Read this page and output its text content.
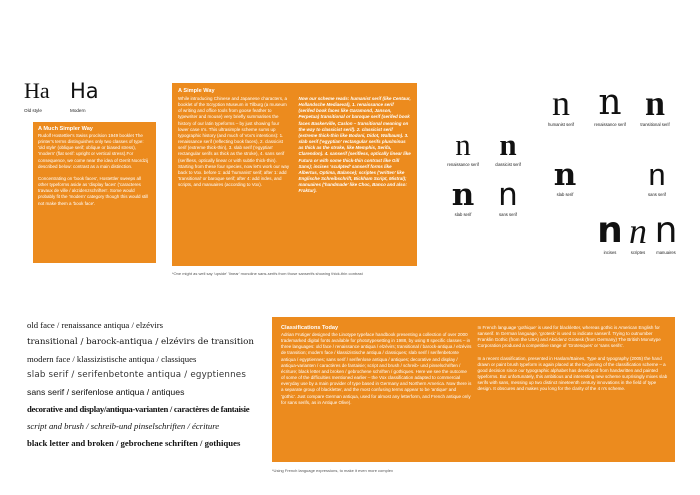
Ha Ha
Old style	Modern
A Much Simpler Way

Rudolf Hostettler's Swiss proclsion 1949 booklet The printer's terms distinguishes only two classes of type: 'old style' (oblique serif; oblique or biased stress), 'modern' (flat serif: upright or vertical stress).For consequence, we come near the idea of Gerrit Noordzij described below: contrast as a main distinction.

Concentrating on 'book faces', Hostettler sweeps all other typeforms aside as 'display faces' ('caracteres travaux de ville / akzidenzschriften'. Some would probably fit the 'modern' category though this would still not make them a 'book face'.

A Simple Way

While introducing Chinese and Japanese characters, a booklet of the Scryption Museum in Tilburg (a museum of writing and office tools from goose feather to typewriter and mouse) very briefly summarises the history of our latin typeforms – by just showing four lower case n's. This ultrasimple scheme sums up typographic history (and much of Vox's intentions): 1. renaissance serif (reflecting book faces), 2. classicist serif (extreme thick-thin), 3. slab serif ('egyptian' rectangular serifs as thick as the stroke), 4. sans serif (serifless, optically linear or with subtle thick-thin). Starting from these four species, now let's work our way back to Vox. before 1: add 'humanist' serif; after 1: add 'transitional' or baroque serif; after 4: add indes, and scripts, and manuaires (according to Vox).

Now our scheme reads: humanist serif (like Centaur, Hollandsche Mediaeval), 1. renaissance serif (serifed book faces like Garamond, Janson, Perpetua) transitional or baroque serif (serifed book faces Baskerville, Caslon – transitional meaning on the way to classicist serif). 2. classicist serif (extreme thick-thin like Bodoni, Didot, Walbaum). 3. slab serif ('egyptian' rectangular serifs plus/minus as thick as the stroke, like Memphis, Serifa, Clarendon). 4. sanserif (serifless, optically linear like Futura or with some thick-thin contrast like Gill Sans); incises 'sculpted' sanserif forms like Albertus, Optima, Balance); scriptes ('written' like Englische Schreibschrift, Bickham Script, Mistral); manuaires ('handmade' like Choc, Banco and also: Fraktur).

*One might as well say 'upside' 'linear' monoline sans-serifs from those sanserifs showing thick-thin contrast
n
humanist serif
n
renaissance serif
n
transitional serif
n
renaissance serif
n
classicist serif
n
slab serif
n
sans serif
n
slab serif
n
sans serif
n
incises
n
scriptes
n
manuaires
old face / renaissance antiqua / elzévirs
transitional / barock-antiqua / elzévirs de transition
modern face / klassizistische antiqua / classiques
slab serif / serifenbetonte antiqua / egyptiennes
sans serif / serifenlose antiqua / antiques
decorative and display/antiqua-varianten / caractères de fantaisie
script and brush / schreib-und pinselschriften / écriture
black letter and broken / gebrochene schriften / gothiques
Classifications Today

Adrian Frutiger designed the Linotype typeface handbook presenting a collection of over 2000 trademarked digital fonts available for phototypesetting in 1988, by using 8 specific classes – in three languages: old face / renaissance antiqua / elzévirs; transitional / barock-antiqua / elzévirs de transition; modern face / klassizistische antiqua / classiques; slab serif / serifenbetonte antiqua / egyptiennes; sans serif / serifenlose antiqua / antiques; decorative and display / antiqua-varianten / caractères de fantaisie; script and brush / schreib- und pinselschriften / écriture; black letter and broken / gebrochene schriften / gothiques. Here we see the outcome of some of the difficulties mentioned earlier – the Vox classification adapted to commercial everyday use by a main provider of type based in Germany and Northern America. Now there is a separate group of blackletter, and the most confusing terms appear to be 'antique' and 'gothic'. Just compare German antiqua, used for almost any letterform, and French antique only for sans serifs, as in Antique Olive).

In French language 'gothique' is used for blackletter, whereas gothic is American English for sanserif. In German language, 'grotesk' is used to indicate sanserif. Trying to outnumber Franklin Gothic (from the USA) and Akzidenz Grotesk (from Germany) The British Monotype Corporation produced a competitive range of 'Grotesques' or 'sans serifs'.

In a recent classification, presented in Haslam/Baines, Type and typography (2005) the hand drawn or paint brush typeform is again placed at the beginning of the classification scheme – a good decision since our typographic alphabet has developed from handwritten and painted typeforms. But unfortunately, this ambitious and interesting new scheme surprisingly mixes slab serifs with sans, messing up two distinct nineteenth century innovations in the field of type design. It obscures and makes you long for the clarity of the 4 n's scheme.

*Using French language expressions, to make it even more complex
